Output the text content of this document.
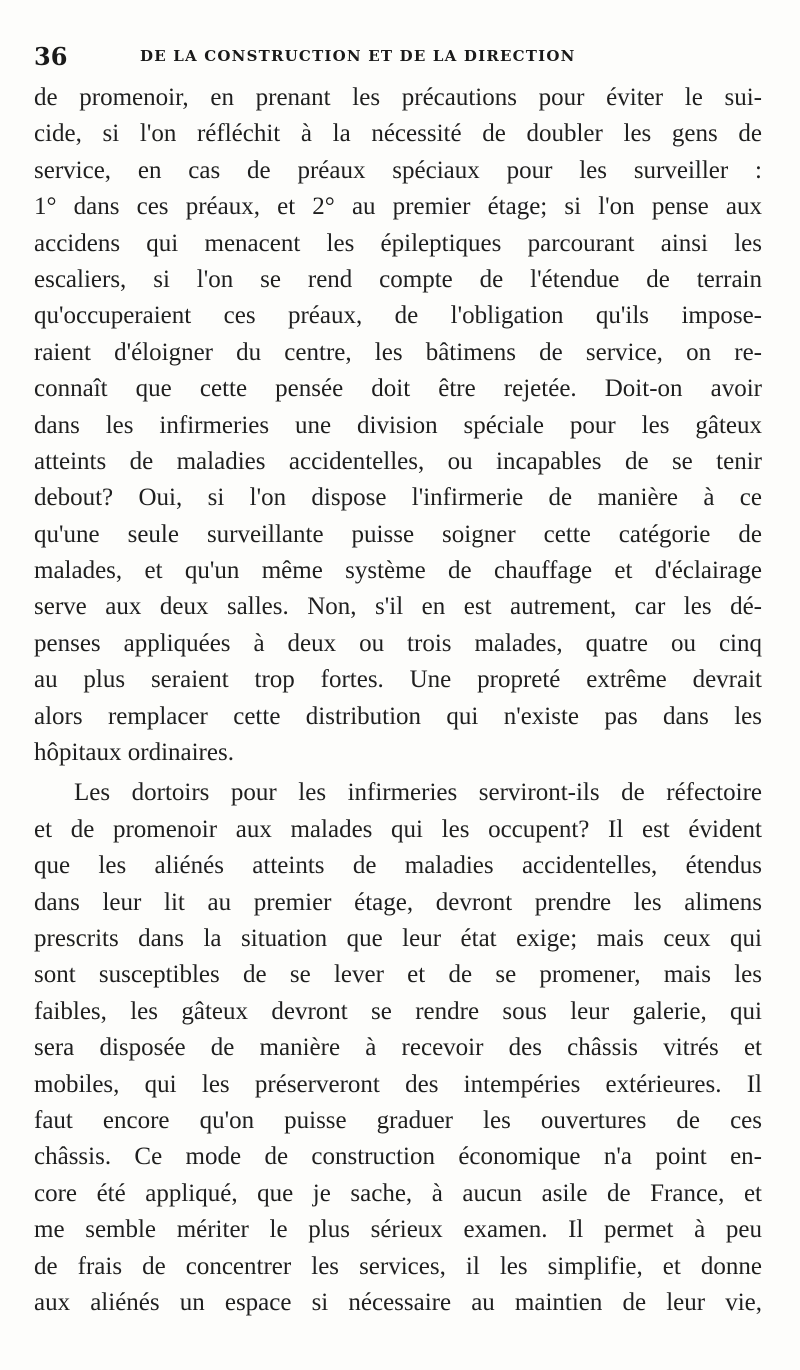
36	DE LA CONSTRUCTION ET DE LA DIRECTION
de promenoir, en prenant les précautions pour éviter le sui-
cide, si l'on réfléchit à la nécessité de doubler les gens de
service, en cas de préaux spéciaux pour les surveiller :
1° dans ces préaux, et 2° au premier étage; si l'on pense aux
accidens qui menacent les épileptiques parcourant ainsi les
escaliers, si l'on se rend compte de l'étendue de terrain
qu'occuperaient ces préaux, de l'obligation qu'ils impose-
raient d'éloigner du centre, les bâtimens de service, on re-
connaît que cette pensée doit être rejetée. Doit-on avoir
dans les infirmeries une division spéciale pour les gâteux
atteints de maladies accidentelles, ou incapables de se tenir
debout? Oui, si l'on dispose l'infirmerie de manière à ce
qu'une seule surveillante puisse soigner cette catégorie de
malades, et qu'un même système de chauffage et d'éclairage
serve aux deux salles. Non, s'il en est autrement, car les dé-
penses appliquées à deux ou trois malades, quatre ou cinq
au plus seraient trop fortes. Une propreté extrême devrait
alors remplacer cette distribution qui n'existe pas dans les
hôpitaux ordinaires.
Les dortoirs pour les infirmeries serviront-ils de réfectoire
et de promenoir aux malades qui les occupent? Il est évident
que les aliénés atteints de maladies accidentelles, étendus
dans leur lit au premier étage, devront prendre les alimens
prescrits dans la situation que leur état exige; mais ceux qui
sont susceptibles de se lever et de se promener, mais les
faibles, les gâteux devront se rendre sous leur galerie, qui
sera disposée de manière à recevoir des châssis vitrés et
mobiles, qui les préserveront des intempéries extérieures. Il
faut encore qu'on puisse graduer les ouvertures de ces
châssis. Ce mode de construction économique n'a point en-
core été appliqué, que je sache, à aucun asile de France, et
me semble mériter le plus sérieux examen. Il permet à peu
de frais de concentrer les services, il les simplifie, et donne
aux aliénés un espace si nécessaire au maintien de leur vie,
